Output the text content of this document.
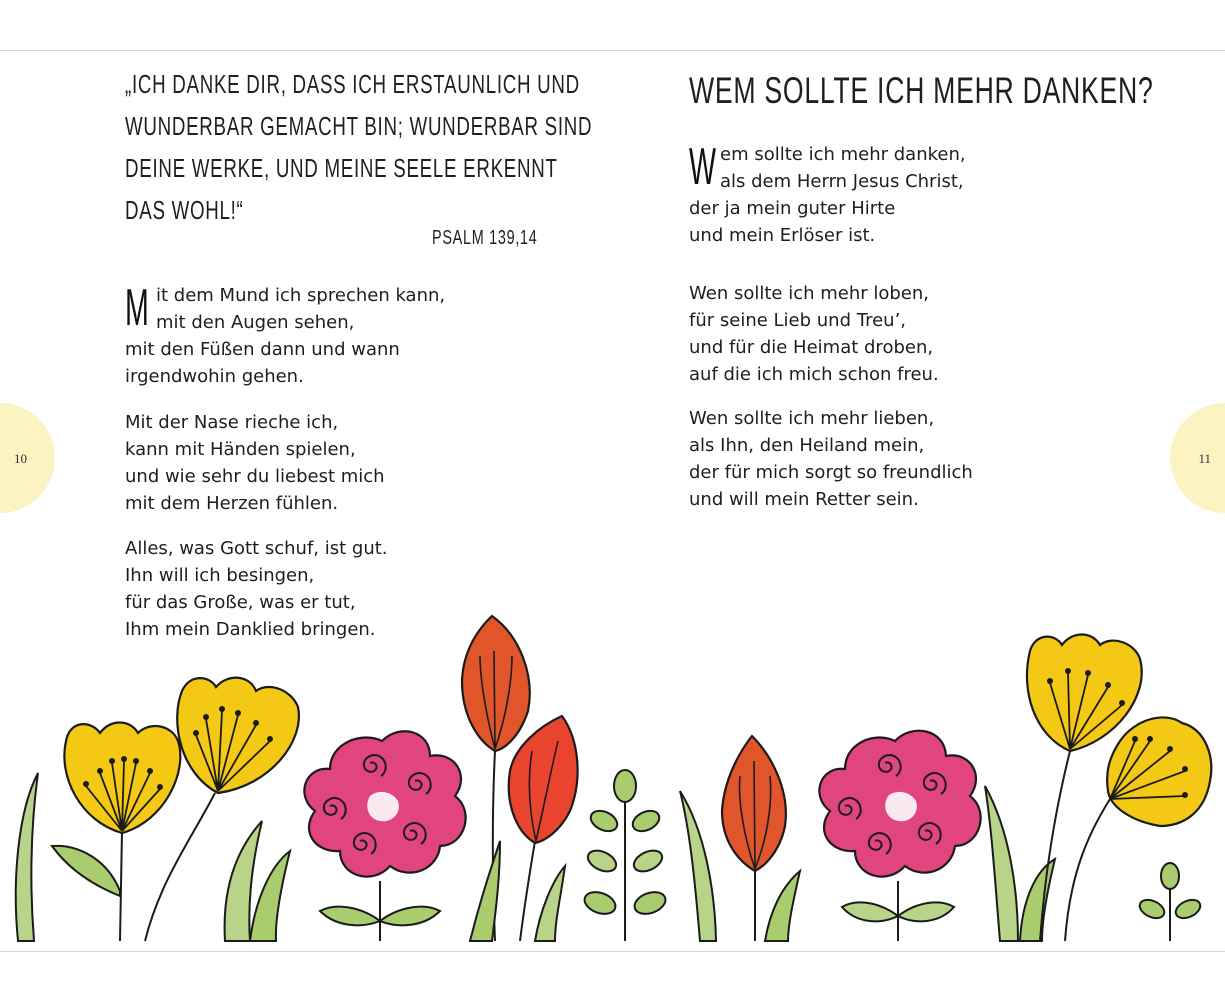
10
„ICH DANKE DIR, DASS ICH ERSTAUNLICH UND
WUNDERBAR GEMACHT BIN; WUNDERBAR SIND
DEINE WERKE, UND MEINE SEELE ERKENNT
DAS WOHL!“
PSALM 139,14
M it dem Mund ich sprechen kann,
mit den Augen sehen,
mit den Füßen dann und wann
irgendwohin gehen.
Mit der Nase rieche ich,
kann mit Händen spielen,
und wie sehr du liebest mich
mit dem Herzen fühlen.
Alles, was Gott schuf, ist gut.
Ihn will ich besingen,
für das Große, was er tut,
Ihm mein Danklied bringen.
11
WEM SOLLTE ICH MEHR DANKEN?
W em sollte ich mehr danken,
als dem Herrn Jesus Christ,
der ja mein guter Hirte
und mein Erlöser ist.
Wen sollte ich mehr loben,
für seine Lieb und Treu’,
und für die Heimat droben,
auf die ich mich schon freu.
Wen sollte ich mehr lieben,
als Ihn, den Heiland mein,
der für mich sorgt so freundlich
und will mein Retter sein.
